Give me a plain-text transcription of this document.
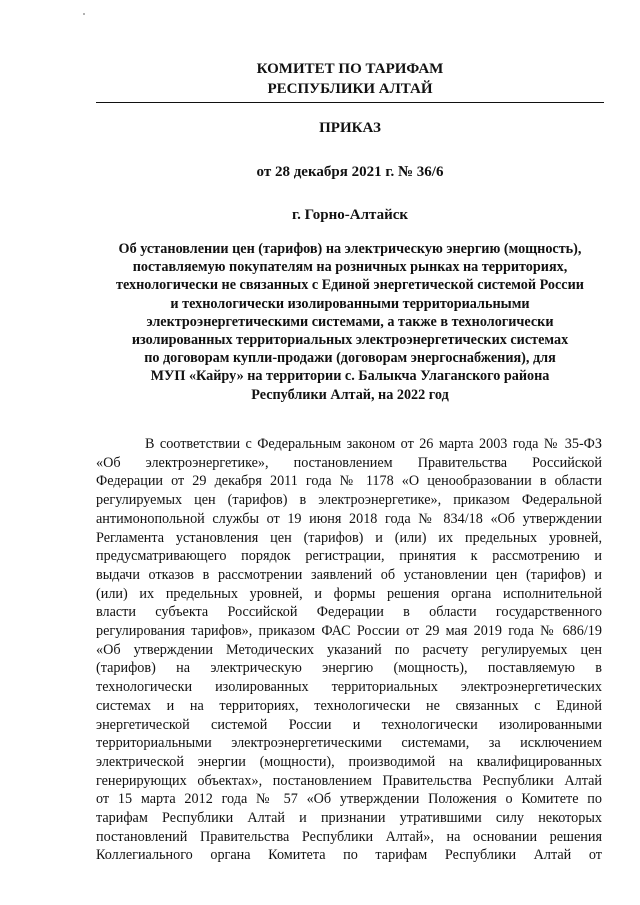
КОМИТЕТ ПО ТАРИФАМ
РЕСПУБЛИКИ АЛТАЙ
ПРИКАЗ
от 28 декабря 2021 г. № 36/6
г. Горно-Алтайск
Об установлении цен (тарифов) на электрическую энергию (мощность),
поставляемую покупателям на розничных рынках на территориях,
технологически не связанных с Единой энергетической системой России
и технологически изолированными территориальными
электроэнергетическими системами, а также в технологически
изолированных территориальных электроэнергетических системах
по договорам купли-продажи (договорам энергоснабжения), для
МУП «Кайру» на территории с. Балыкча Улаганского района
Республики Алтай, на 2022 год
В соответствии с Федеральным законом от 26 марта 2003 года № 35-ФЗ
«Об электроэнергетике», постановлением Правительства Российской
Федерации от 29 декабря 2011 года № 1178 «О ценообразовании в области
регулируемых цен (тарифов) в электроэнергетике», приказом Федеральной
антимонопольной службы от 19 июня 2018 года № 834/18 «Об утверждении
Регламента установления цен (тарифов) и (или) их предельных уровней,
предусматривающего порядок регистрации, принятия к рассмотрению и
выдачи отказов в рассмотрении заявлений об установлении цен (тарифов) и
(или) их предельных уровней, и формы решения органа исполнительной
власти субъекта Российской Федерации в области государственного
регулирования тарифов», приказом ФАС России от 29 мая 2019 года № 686/19
«Об утверждении Методических указаний по расчету регулируемых цен
(тарифов) на электрическую энергию (мощность), поставляемую в
технологически изолированных территориальных электроэнергетических
системах и на территориях, технологически не связанных с Единой
энергетической системой России и технологически изолированными
территориальными электроэнергетическими системами, за исключением
электрической энергии (мощности), производимой на квалифицированных
генерирующих объектах», постановлением Правительства Республики Алтай
от 15 марта 2012 года № 57 «Об утверждении Положения о Комитете по
тарифам Республики Алтай и признании утратившими силу некоторых
постановлений Правительства Республики Алтай», на основании решения
Коллегиального органа Комитета по тарифам Республики Алтай от
